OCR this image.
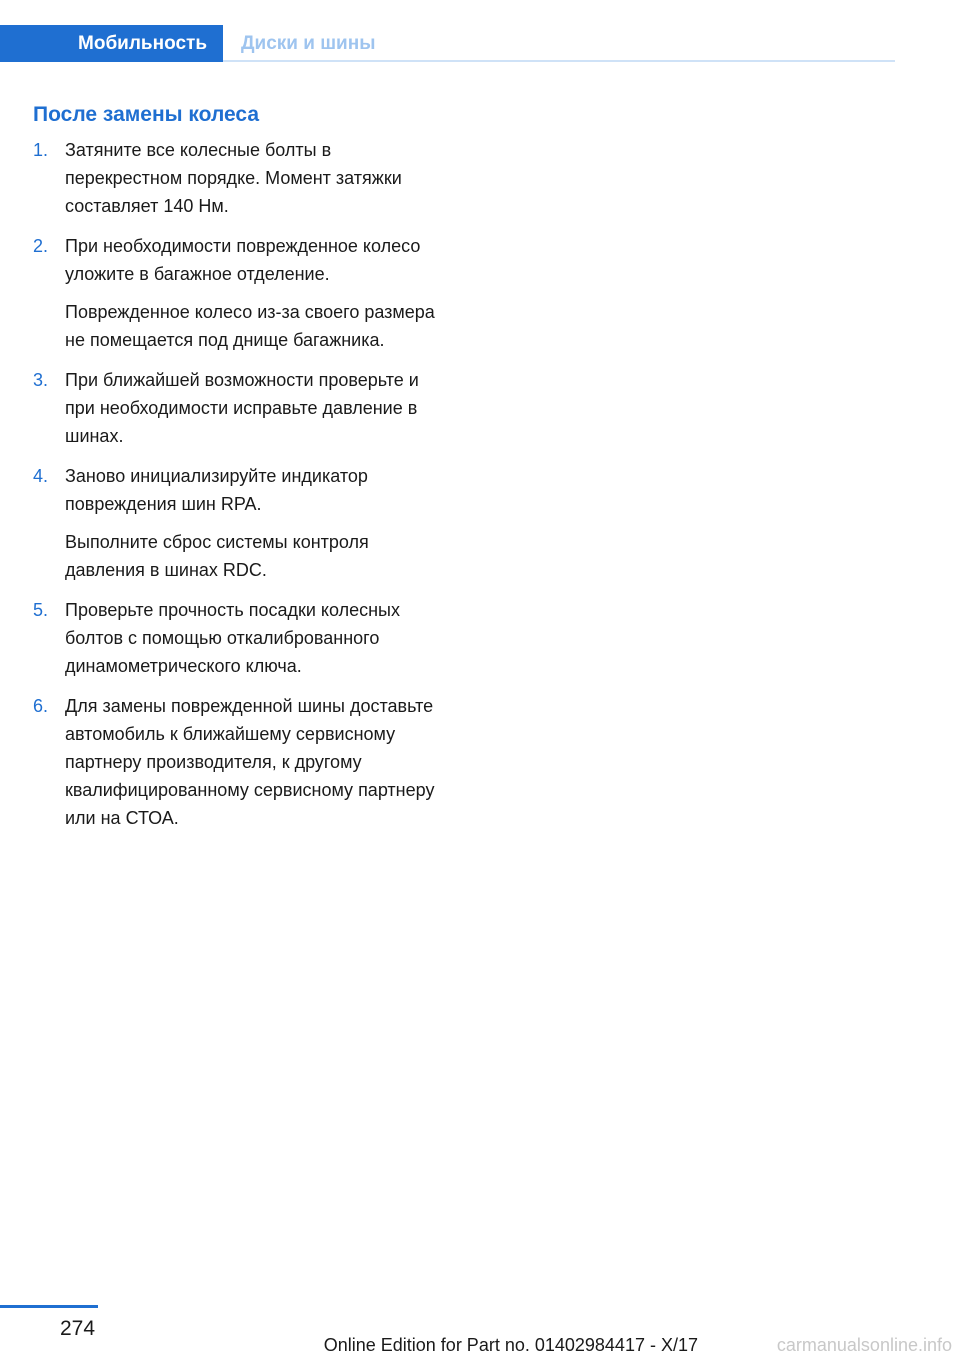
Мобильность	Диски и шины
После замены колеса
1. Затяните все колесные болты в перекрестном порядке. Момент затяжки составляет 140 Нм.

2. При необходимости поврежденное колесо уложите в багажное отделение.

Поврежденное колесо из-за своего размера не помещается под днище багажника.

3. При ближайшей возможности проверьте и при необходимости исправьте давление в шинах.

4. Заново инициализируйте индикатор повреждения шин RPA.

Выполните сброс системы контроля давления в шинах RDC.

5. Проверьте прочность посадки колесных болтов с помощью откалиброванного динамометрического ключа.

6. Для замены поврежденной шины доставьте автомобиль к ближайшему сервисному партнеру производителя, к другому квалифицированному сервисному партнеру или на СТОА.

274
Online Edition for Part no. 01402984417 - X/17	carmanualsonline.info
